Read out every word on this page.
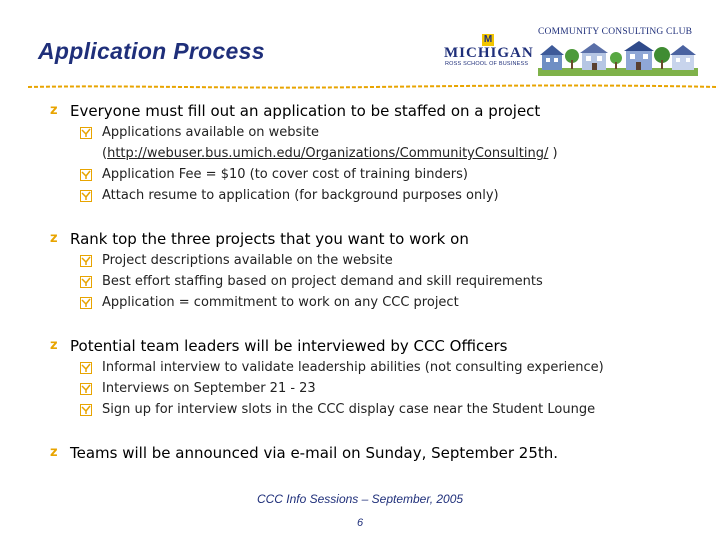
Application Process
COMMUNITY CONSULTING CLUB
M
MICHIGAN
ROSS SCHOOL OF BUSINESS
z Everyone must fill out an application to be staffed on a project
Applications available on website
(http://webuser.bus.umich.edu/Organizations/CommunityConsulting/ )
Application Fee = $10 (to cover cost of training binders)
Attach resume to application (for background purposes only)
z Rank top the three projects that you want to work on
Project descriptions available on the website
Best effort staffing based on project demand and skill requirements
Application = commitment to work on any CCC project
z Potential team leaders will be interviewed by CCC Officers
Informal interview to validate leadership abilities (not consulting experience)
Interviews on September 21 - 23
Sign up for interview slots in the CCC display case near the Student Lounge
z Teams will be announced via e-mail on Sunday, September 25th.
CCC Info Sessions – September, 2005
6
